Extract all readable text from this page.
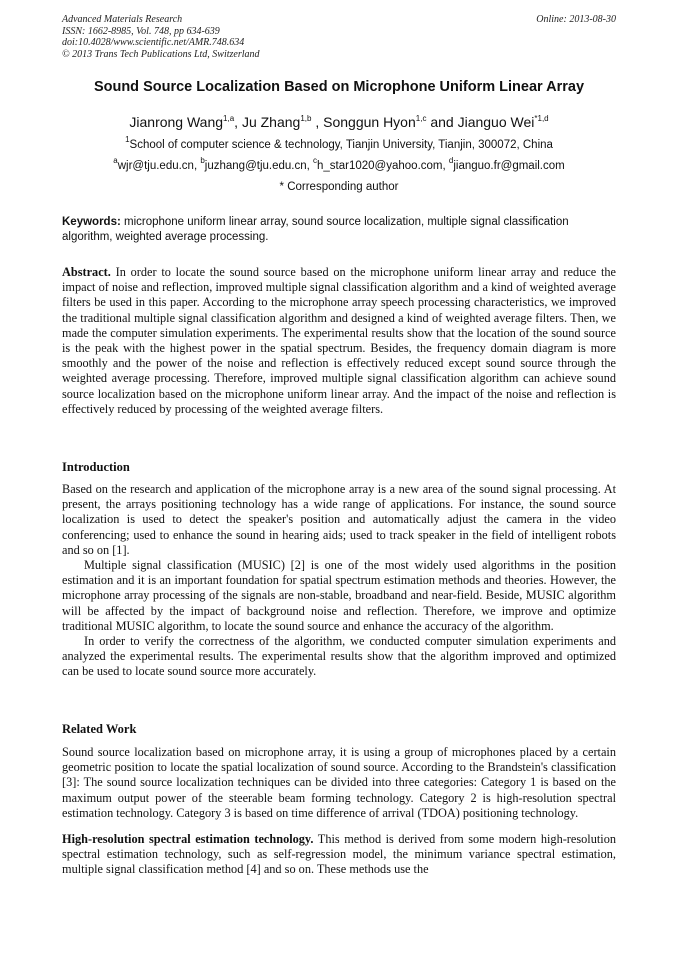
Advanced Materials Research
ISSN: 1662-8985, Vol. 748, pp 634-639
doi:10.4028/www.scientific.net/AMR.748.634
© 2013 Trans Tech Publications Ltd, Switzerland
Online: 2013-08-30
Sound Source Localization Based on Microphone Uniform Linear Array
Jianrong Wang$^{1,a}$, Ju Zhang$^{1,b}$ , Songgun Hyon$^{1,c}$ and Jianguo Wei$^{*1,d}$
$^1$School of computer science & technology, Tianjin University, Tianjin, 300072, China
$^a$wjr@tju.edu.cn, $^b$juzhang@tju.edu.cn, $^c$h_star1020@yahoo.com, $^d$jianguo.fr@gmail.com
* Corresponding author
Keywords: microphone uniform linear array, sound source localization, multiple signal classification algorithm, weighted average processing.

Abstract. In order to locate the sound source based on the microphone uniform linear array and reduce the impact of noise and reflection, improved multiple signal classification algorithm and a kind of weighted average filters be used in this paper. According to the microphone array speech processing characteristics, we improved the traditional multiple signal classification algorithm and designed a kind of weighted average filters. Then, we made the computer simulation experiments. The experimental results show that the location of the sound source is the peak with the highest power in the spatial spectrum. Besides, the frequency domain diagram is more smoothly and the power of the noise and reflection is effectively reduced except sound source through the weighted average processing. Therefore, improved multiple signal classification algorithm can achieve sound source localization based on the microphone uniform linear array. And the impact of the noise and reflection is effectively reduced by processing of the weighted average filters.

Introduction

Based on the research and application of the microphone array is a new area of the sound signal processing. At present, the arrays positioning technology has a wide range of applications. For instance, the sound source localization is used to detect the speaker's position and automatically adjust the camera in the video conferencing; used to enhance the sound in hearing aids; used to track speaker in the field of intelligent robots and so on [1].

Multiple signal classification (MUSIC) [2] is one of the most widely used algorithms in the position estimation and it is an important foundation for spatial spectrum estimation methods and theories. However, the microphone array processing of the signals are non-stable, broadband and near-field. Beside, MUSIC algorithm will be affected by the impact of background noise and reflection. Therefore, we improve and optimize traditional MUSIC algorithm, to locate the sound source and enhance the accuracy of the algorithm.

In order to verify the correctness of the algorithm, we conducted computer simulation experiments and analyzed the experimental results. The experimental results show that the algorithm improved and optimized can be used to locate sound source more accurately.

Related Work

Sound source localization based on microphone array, it is using a group of microphones placed by a certain geometric position to locate the spatial localization of sound source. According to the Brandstein's classification [3]: The sound source localization techniques can be divided into three categories: Category 1 is based on the maximum output power of the steerable beam forming technology. Category 2 is high-resolution spectral estimation technology. Category 3 is based on time difference of arrival (TDOA) positioning technology.

High-resolution spectral estimation technology. This method is derived from some modern high-resolution spectral estimation technology, such as self-regression model, the minimum variance spectral estimation, multiple signal classification method [4] and so on. These methods use the
